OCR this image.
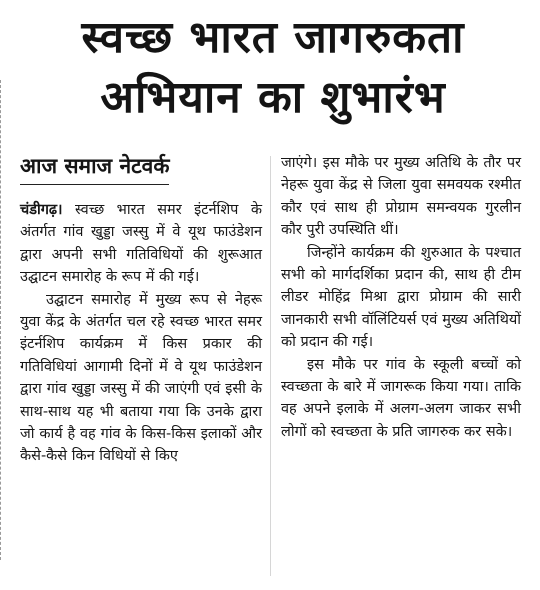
स्वच्छ भारत जागरुकता
अभियान का शुभारंभ
आज समाज नेटवर्क

चंडीगढ़। स्वच्छ भारत समर इंटर्नशिप के अंतर्गत गांव खुड्डा जस्सु में वे यूथ फाउंडेशन द्वारा अपनी सभी गतिविधियों की शुरूआत उद्घाटन समारोह के रूप में की गई।

उद्घाटन समारोह में मुख्य रूप से नेहरू युवा केंद्र के अंतर्गत चल रहे स्वच्छ भारत समर इंटर्नशिप कार्यक्रम में किस प्रकार की गतिविधियां आगामी दिनों में वे यूथ फाउंडेशन द्वारा गांव खुड्डा जस्सु में की जाएंगी एवं इसी के साथ-साथ यह भी बताया गया कि उनके द्वारा जो कार्य है वह गांव के किस-किस इलाकों और कैसे-कैसे किन विधियों से किए

जाएंगे। इस मौके पर मुख्य अतिथि के तौर पर नेहरू युवा केंद्र से जिला युवा समवयक रश्मीत कौर एवं साथ ही प्रोग्राम समन्वयक गुरलीन कौर पुरी उपस्थिति थीं।

जिन्होंने कार्यक्रम की शुरुआत के पश्चात सभी को मार्गदर्शिका प्रदान की, साथ ही टीम लीडर मोहिंद्र मिश्रा द्वारा प्रोग्राम की सारी जानकारी सभी वॉलिंटियर्स एवं मुख्य अतिथियों को प्रदान की गई।

इस मौके पर गांव के स्कूली बच्चों को स्वच्छता के बारे में जागरूक किया गया। ताकि वह अपने इलाके में अलग-अलग जाकर सभी लोगों को स्वच्छता के प्रति जागरुक कर सके।
